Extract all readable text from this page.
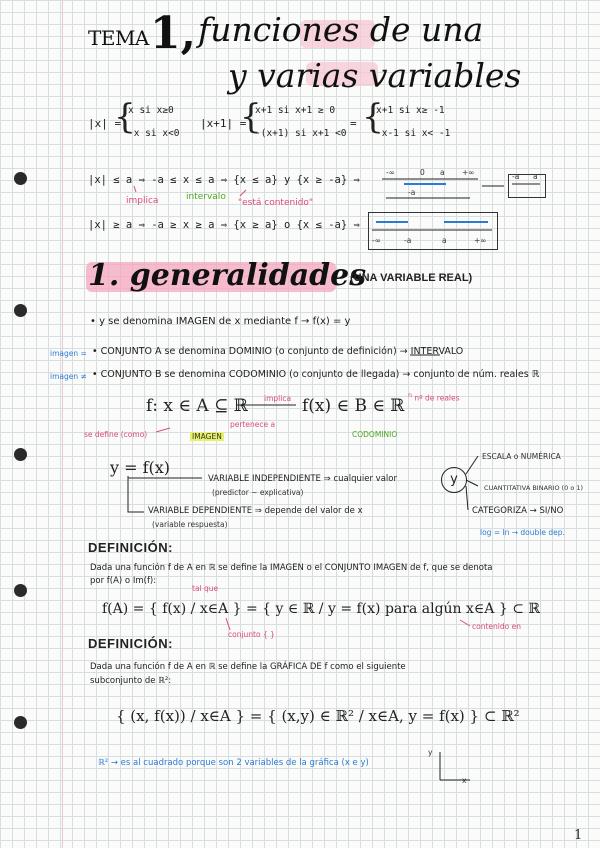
TEMA 1, funciones de una
y varias variables
|x| =
{
x si x≥0
-x si x<0
|x+1| =
{
x+1 si x+1 ≥ 0
-(x+1) si x+1 <0
= {
x+1 si x≥ -1
-x-1 si x< -1
|x| ≤ a ⇒ -a ≤ x ≤ a ⇒ {x ≤ a} y {x ≥ -a} ⇒
implica	intervalo
"está contenido"
-∞	0 a +∞
-a
-a a
|x| ≥ a ⇒ -a ≥ x ≥ a ⇒ {x ≥ a} o {x ≤ -a} ⇒
-∞	-a	a	+∞
1. generalidades
(UNA VARIABLE REAL)
• y se denomina IMAGEN de x mediante f → f(x) = y
imagen = • CONJUNTO A se denomina DOMINIO (o conjunto de definición) → INTERVALO
imagen ≠ • CONJUNTO B se denomina CODOMINIO (o conjunto de llegada) → conjunto de núm. reales ℝ
f: x ∈ A ⊆ ℝ implica f(x) ∈ B ∈ ℝ
$^n$ nº de reales
se define (como)	IMAGEN
pertenece a
CODOMINIO
y = f(x)
VARIABLE INDEPENDIENTE ⇒ cualquier valor
(predictor ~ explicativa)
VARIABLE DEPENDIENTE ⇒ depende del valor de x
(variable respuesta)
y
ESCALA o NUMÉRICA
CUANTITATIVA BINARIO (0 o 1)
CATEGORIZA → SI/NO
log = ln → double dep.
DEFINICIÓN:
Dada una función f de A en ℝ se define la IMAGEN o el CONJUNTO IMAGEN de f, que se denota
por f(A) o Im(f):
tal que
f(A) = { f(x) / x∈A } = { y ∈ ℝ / y = f(x) para algún x∈A } ⊂ ℝ
conjunto { }
contenido en
DEFINICIÓN:
Dada una función f de A en ℝ se define la GRÁFICA DE f como el siguiente
subconjunto de ℝ²:
{ (x, f(x)) / x∈A } = { (x,y) ∈ ℝ² / x∈A, y = f(x) } ⊂ ℝ²
ℝ² → es al cuadrado porque son 2 variables de la gráfica (x e y)
y
x
1
